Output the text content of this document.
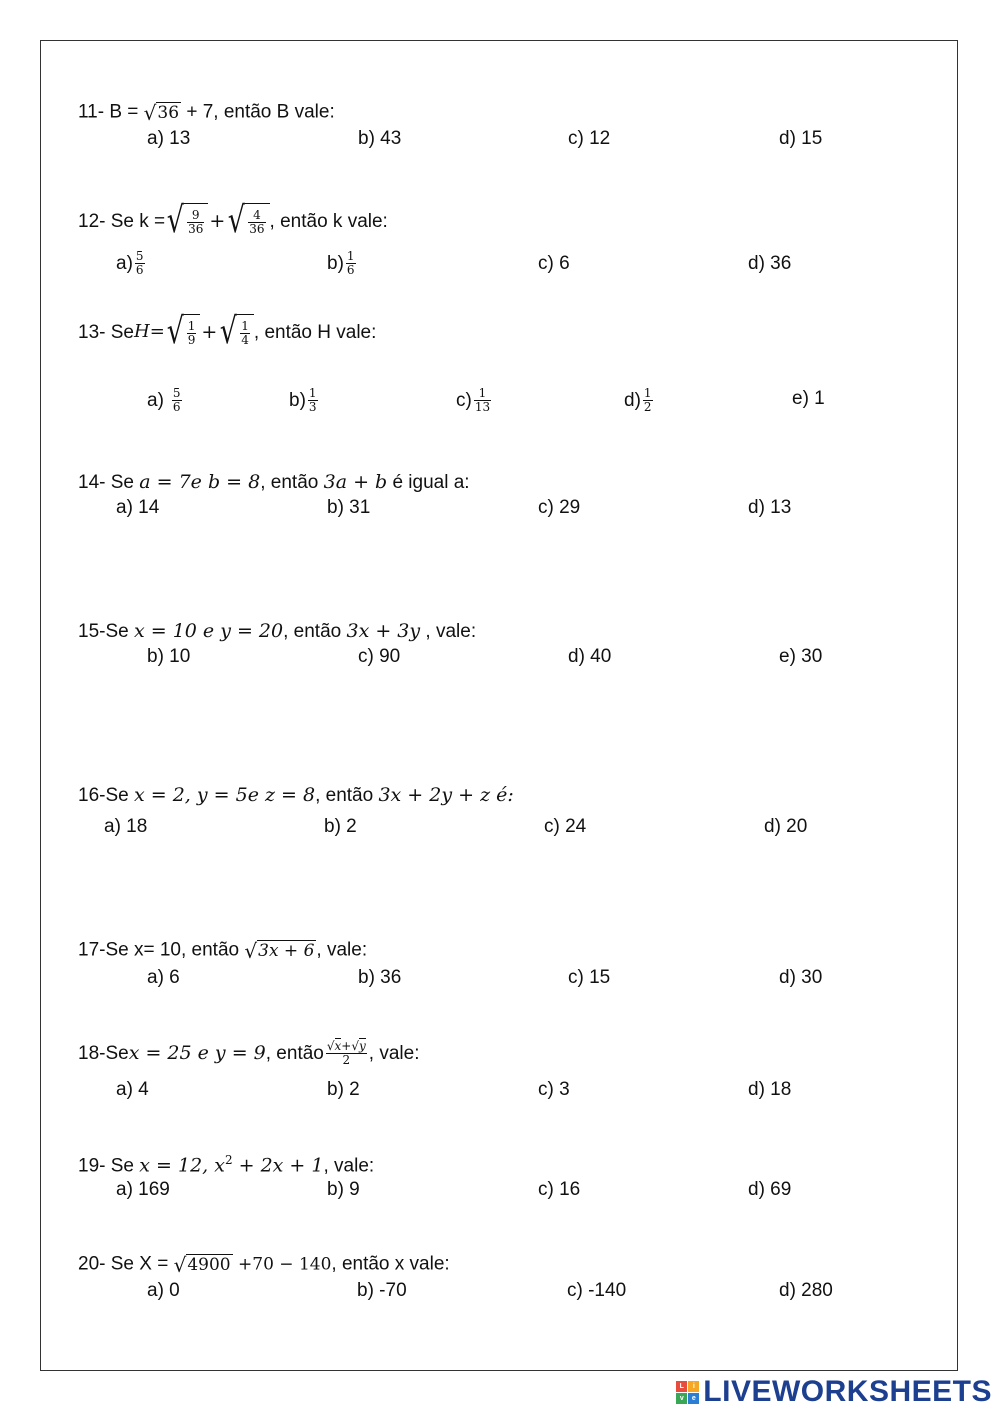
11- B = √ 36 + 7, então B vale:
a) 13	b) 43	c) 12	d) 15
12- Se k = √ $\frac{9}{36}$ + √ $\frac{4}{36}$ , então k vale:
$a) \frac{5}{6}$	$b) \frac{1}{6}$	c) 6	d) 36
13- Se H = √ $\frac{1}{9}$ + √ $\frac{1}{4}$ , então H vale:
$a) \frac{5}{6}$	$b) \frac{1}{3}$	$c) \frac{1}{13}$	$d) \frac{1}{2}$	e) 1
14- Se a = 7e b = 8, então 3a + b é igual a:
a) 14	b) 31	c) 29	d) 13
15-Se x = 10 e y = 20, então 3x + 3y , vale:
b) 10	c) 90	d) 40	e) 30
16-Se x = 2, y = 5e z = 8, então 3x + 2y + z é:
a) 18	b) 2	c) 24	d) 20
17-Se x= 10, então √ 3x + 6 , vale:
a) 6	b) 36	c) 15	d) 30
18-Se x = 25 e y = 9 , então $\frac{√x+√y}{2}$ , vale:
a) 4	b) 2	c) 3	d) 18
19- Se x = 12, $x^2 + 2x + 1$, vale:
a) 169	b) 9	c) 16	d) 69
20- Se X = √ 4900 +70 − 140, então x vale:
a) 0	b) -70	c) -140	d) 280
L	i
v	e LIVEWORKSHEETS
